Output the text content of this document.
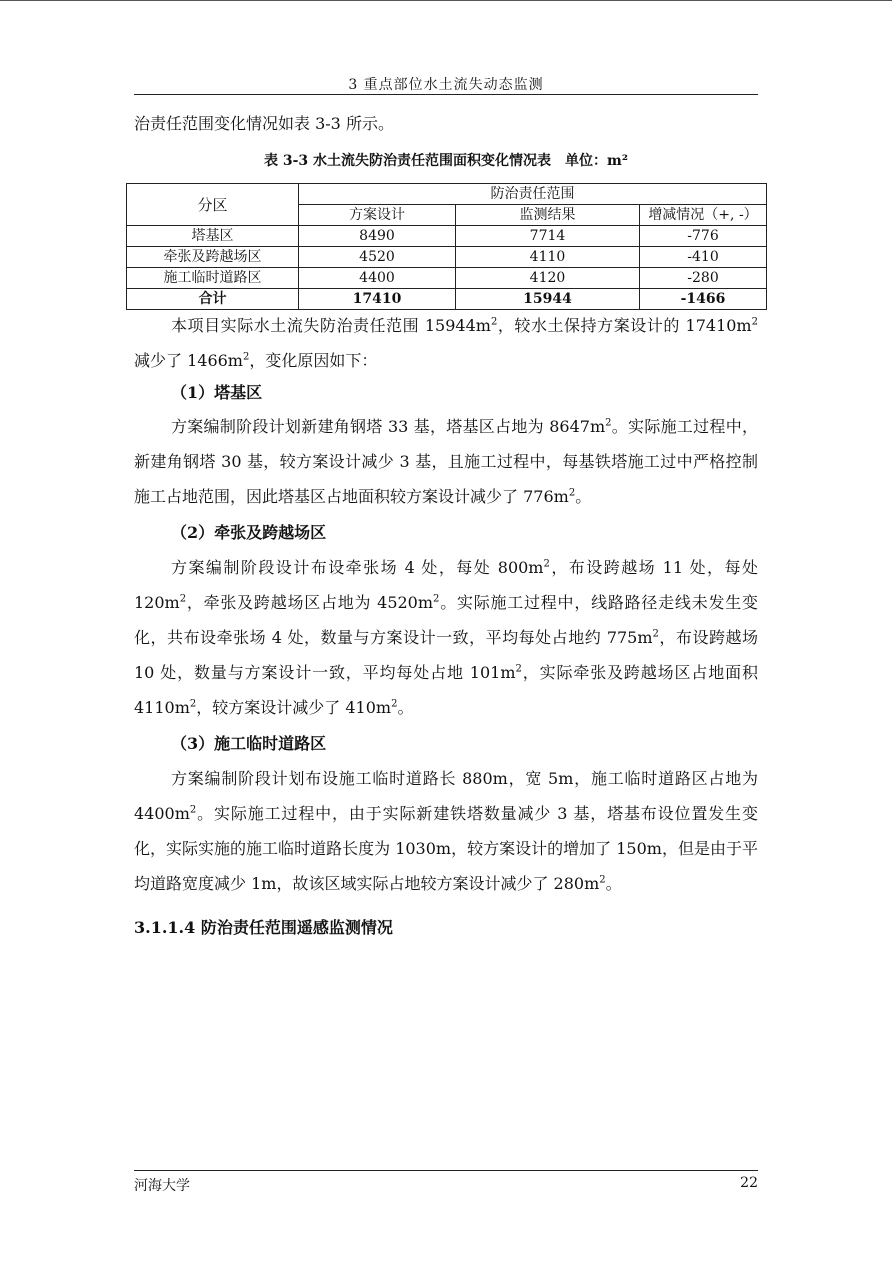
3 重点部位水土流失动态监测

治责任范围变化情况如表 3-3 所示。

表 3-3 水土流失防治责任范围面积变化情况表　单位：m²
分区	防治责任范围		
	方案设计	监测结果	增减情况（+, -）
塔基区	8490	7714	-776
牵张及跨越场区	4520	4110	-410
施工临时道路区	4400	4120	-280
合计	17410	15944	-1466

本项目实际水土流失防治责任范围 $15944m^2$，较水土保持方案设计的 $17410m^2$ 减少了 $1466m^2$，变化原因如下：

（1）塔基区

方案编制阶段计划新建角钢塔 33 基，塔基区占地为 $8647m^2$。实际施工过程中，新建角钢塔 30 基，较方案设计减少 3 基，且施工过程中，每基铁塔施工过中严格控制施工占地范围，因此塔基区占地面积较方案设计减少了 $776m^2$。

（2）牵张及跨越场区

方案编制阶段设计布设牵张场 4 处，每处 $800m^2$，布设跨越场 11 处，每处 $120m^2$，牵张及跨越场区占地为 $4520m^2$。实际施工过程中，线路路径走线未发生变化，共布设牵张场 4 处，数量与方案设计一致，平均每处占地约 $775m^2$，布设跨越场 10 处，数量与方案设计一致，平均每处占地 $101m^2$，实际牵张及跨越场区占地面积 $4110m^2$，较方案设计减少了 $410m^2$。

（3）施工临时道路区

方案编制阶段计划布设施工临时道路长 880m，宽 5m，施工临时道路区占地为 $4400m^2$。实际施工过程中，由于实际新建铁塔数量减少 3 基，塔基布设位置发生变化，实际实施的施工临时道路长度为 1030m，较方案设计的增加了 150m，但是由于平均道路宽度减少 1m，故该区域实际占地较方案设计减少了 $280m^2$。

3.1.1.4 防治责任范围遥感监测情况
河海大学	22
